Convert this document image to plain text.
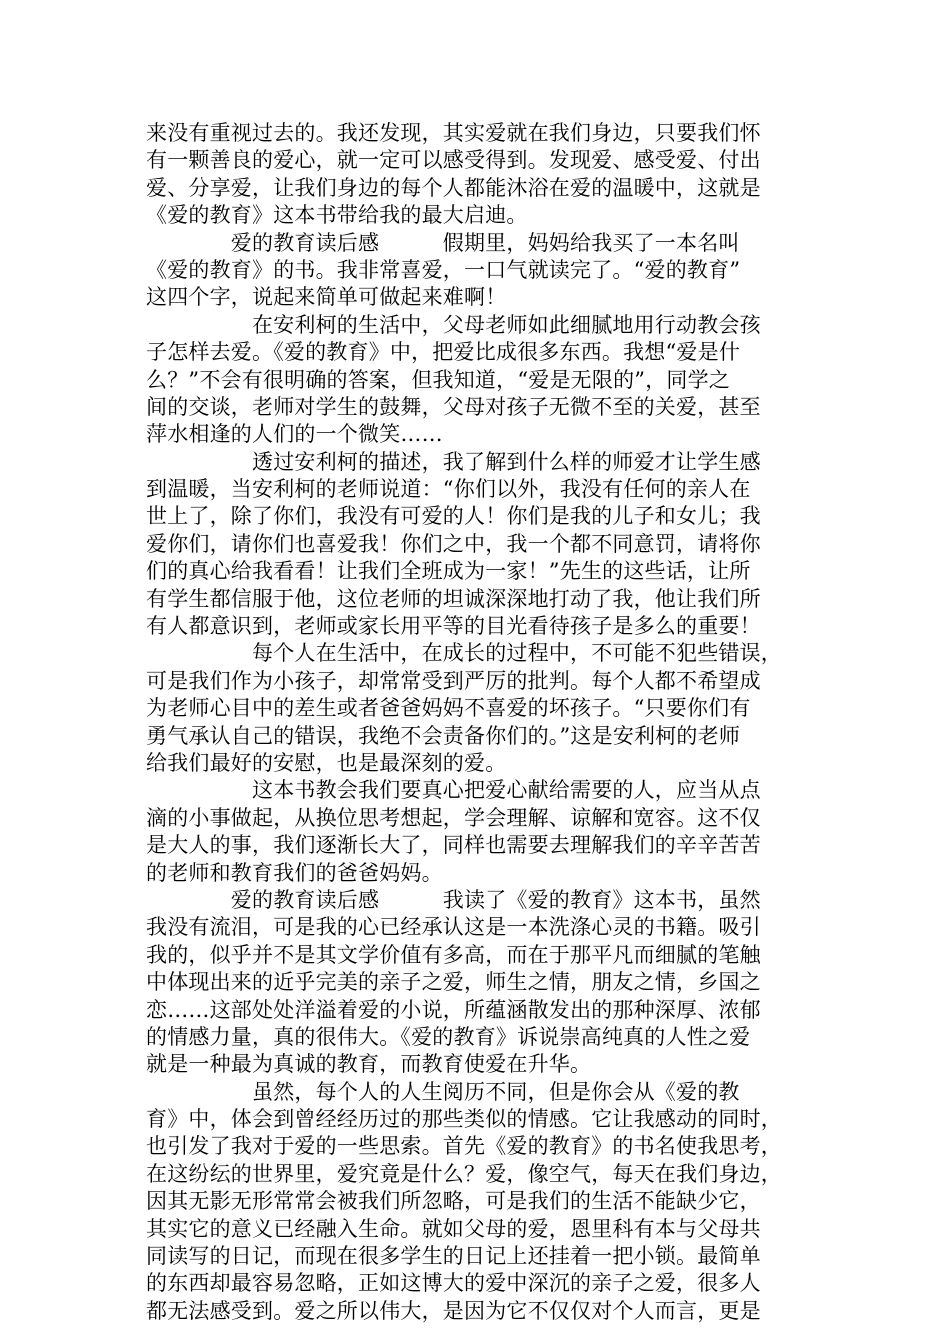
来没有重视过去的。我还发现，其实爱就在我们身边，只要我们怀
有一颗善良的爱心，就一定可以感受得到。发现爱、感受爱、付出
爱、分享爱，让我们身边的每个人都能沐浴在爱的温暖中，这就是
《爱的教育》这本书带给我的最大启迪。
　　　　爱的教育读后感　　　假期里，妈妈给我买了一本名叫
《爱的教育》的书。我非常喜爱，一口气就读完了。“爱的教育”
这四个字，说起来简单可做起来难啊！
　　　　　在安利柯的生活中，父母老师如此细腻地用行动教会孩
子怎样去爱。《爱的教育》中，把爱比成很多东西。我想“爱是什
么？”不会有很明确的答案，但我知道，“爱是无限的”，同学之
间的交谈，老师对学生的鼓舞，父母对孩子无微不至的关爱，甚至
萍水相逢的人们的一个微笑……
　　　　　透过安利柯的描述，我了解到什么样的师爱才让学生感
到温暖，当安利柯的老师说道：“你们以外，我没有任何的亲人在
世上了，除了你们，我没有可爱的人！你们是我的儿子和女儿；我
爱你们，请你们也喜爱我！你们之中，我一个都不同意罚，请将你
们的真心给我看看！让我们全班成为一家！”先生的这些话，让所
有学生都信服于他，这位老师的坦诚深深地打动了我，他让我们所
有人都意识到，老师或家长用平等的目光看待孩子是多么的重要！
　　　　　每个人在生活中，在成长的过程中，不可能不犯些错误，
可是我们作为小孩子，却常常受到严厉的批判。每个人都不希望成
为老师心目中的差生或者爸爸妈妈不喜爱的坏孩子。“只要你们有
勇气承认自己的错误，我绝不会责备你们的。”这是安利柯的老师
给我们最好的安慰，也是最深刻的爱。
　　　　　这本书教会我们要真心把爱心献给需要的人，应当从点
滴的小事做起，从换位思考想起，学会理解、谅解和宽容。这不仅
是大人的事，我们逐渐长大了，同样也需要去理解我们的辛辛苦苦
的老师和教育我们的爸爸妈妈。
　　　　爱的教育读后感　　　我读了《爱的教育》这本书，虽然
我没有流泪，可是我的心已经承认这是一本洗涤心灵的书籍。吸引
我的，似乎并不是其文学价值有多高，而在于那平凡而细腻的笔触
中体现出来的近乎完美的亲子之爱，师生之情，朋友之情，乡国之
恋……这部处处洋溢着爱的小说，所蕴涵散发出的那种深厚、浓郁
的情感力量，真的很伟大。《爱的教育》诉说崇高纯真的人性之爱
就是一种最为真诚的教育，而教育使爱在升华。
　　　　　虽然，每个人的人生阅历不同，但是你会从《爱的教
育》中，体会到曾经经历过的那些类似的情感。它让我感动的同时，
也引发了我对于爱的一些思索。首先《爱的教育》的书名使我思考，
在这纷纭的世界里，爱究竟是什么？爱，像空气，每天在我们身边，
因其无影无形常常会被我们所忽略，可是我们的生活不能缺少它，
其实它的意义已经融入生命。就如父母的爱，恩里科有本与父母共
同读写的日记，而现在很多学生的日记上还挂着一把小锁。最简单
的东西却最容易忽略，正如这博大的爱中深沉的亲子之爱，很多人
都无法感受到。爱之所以伟大，是因为它不仅仅对个人而言，更是
